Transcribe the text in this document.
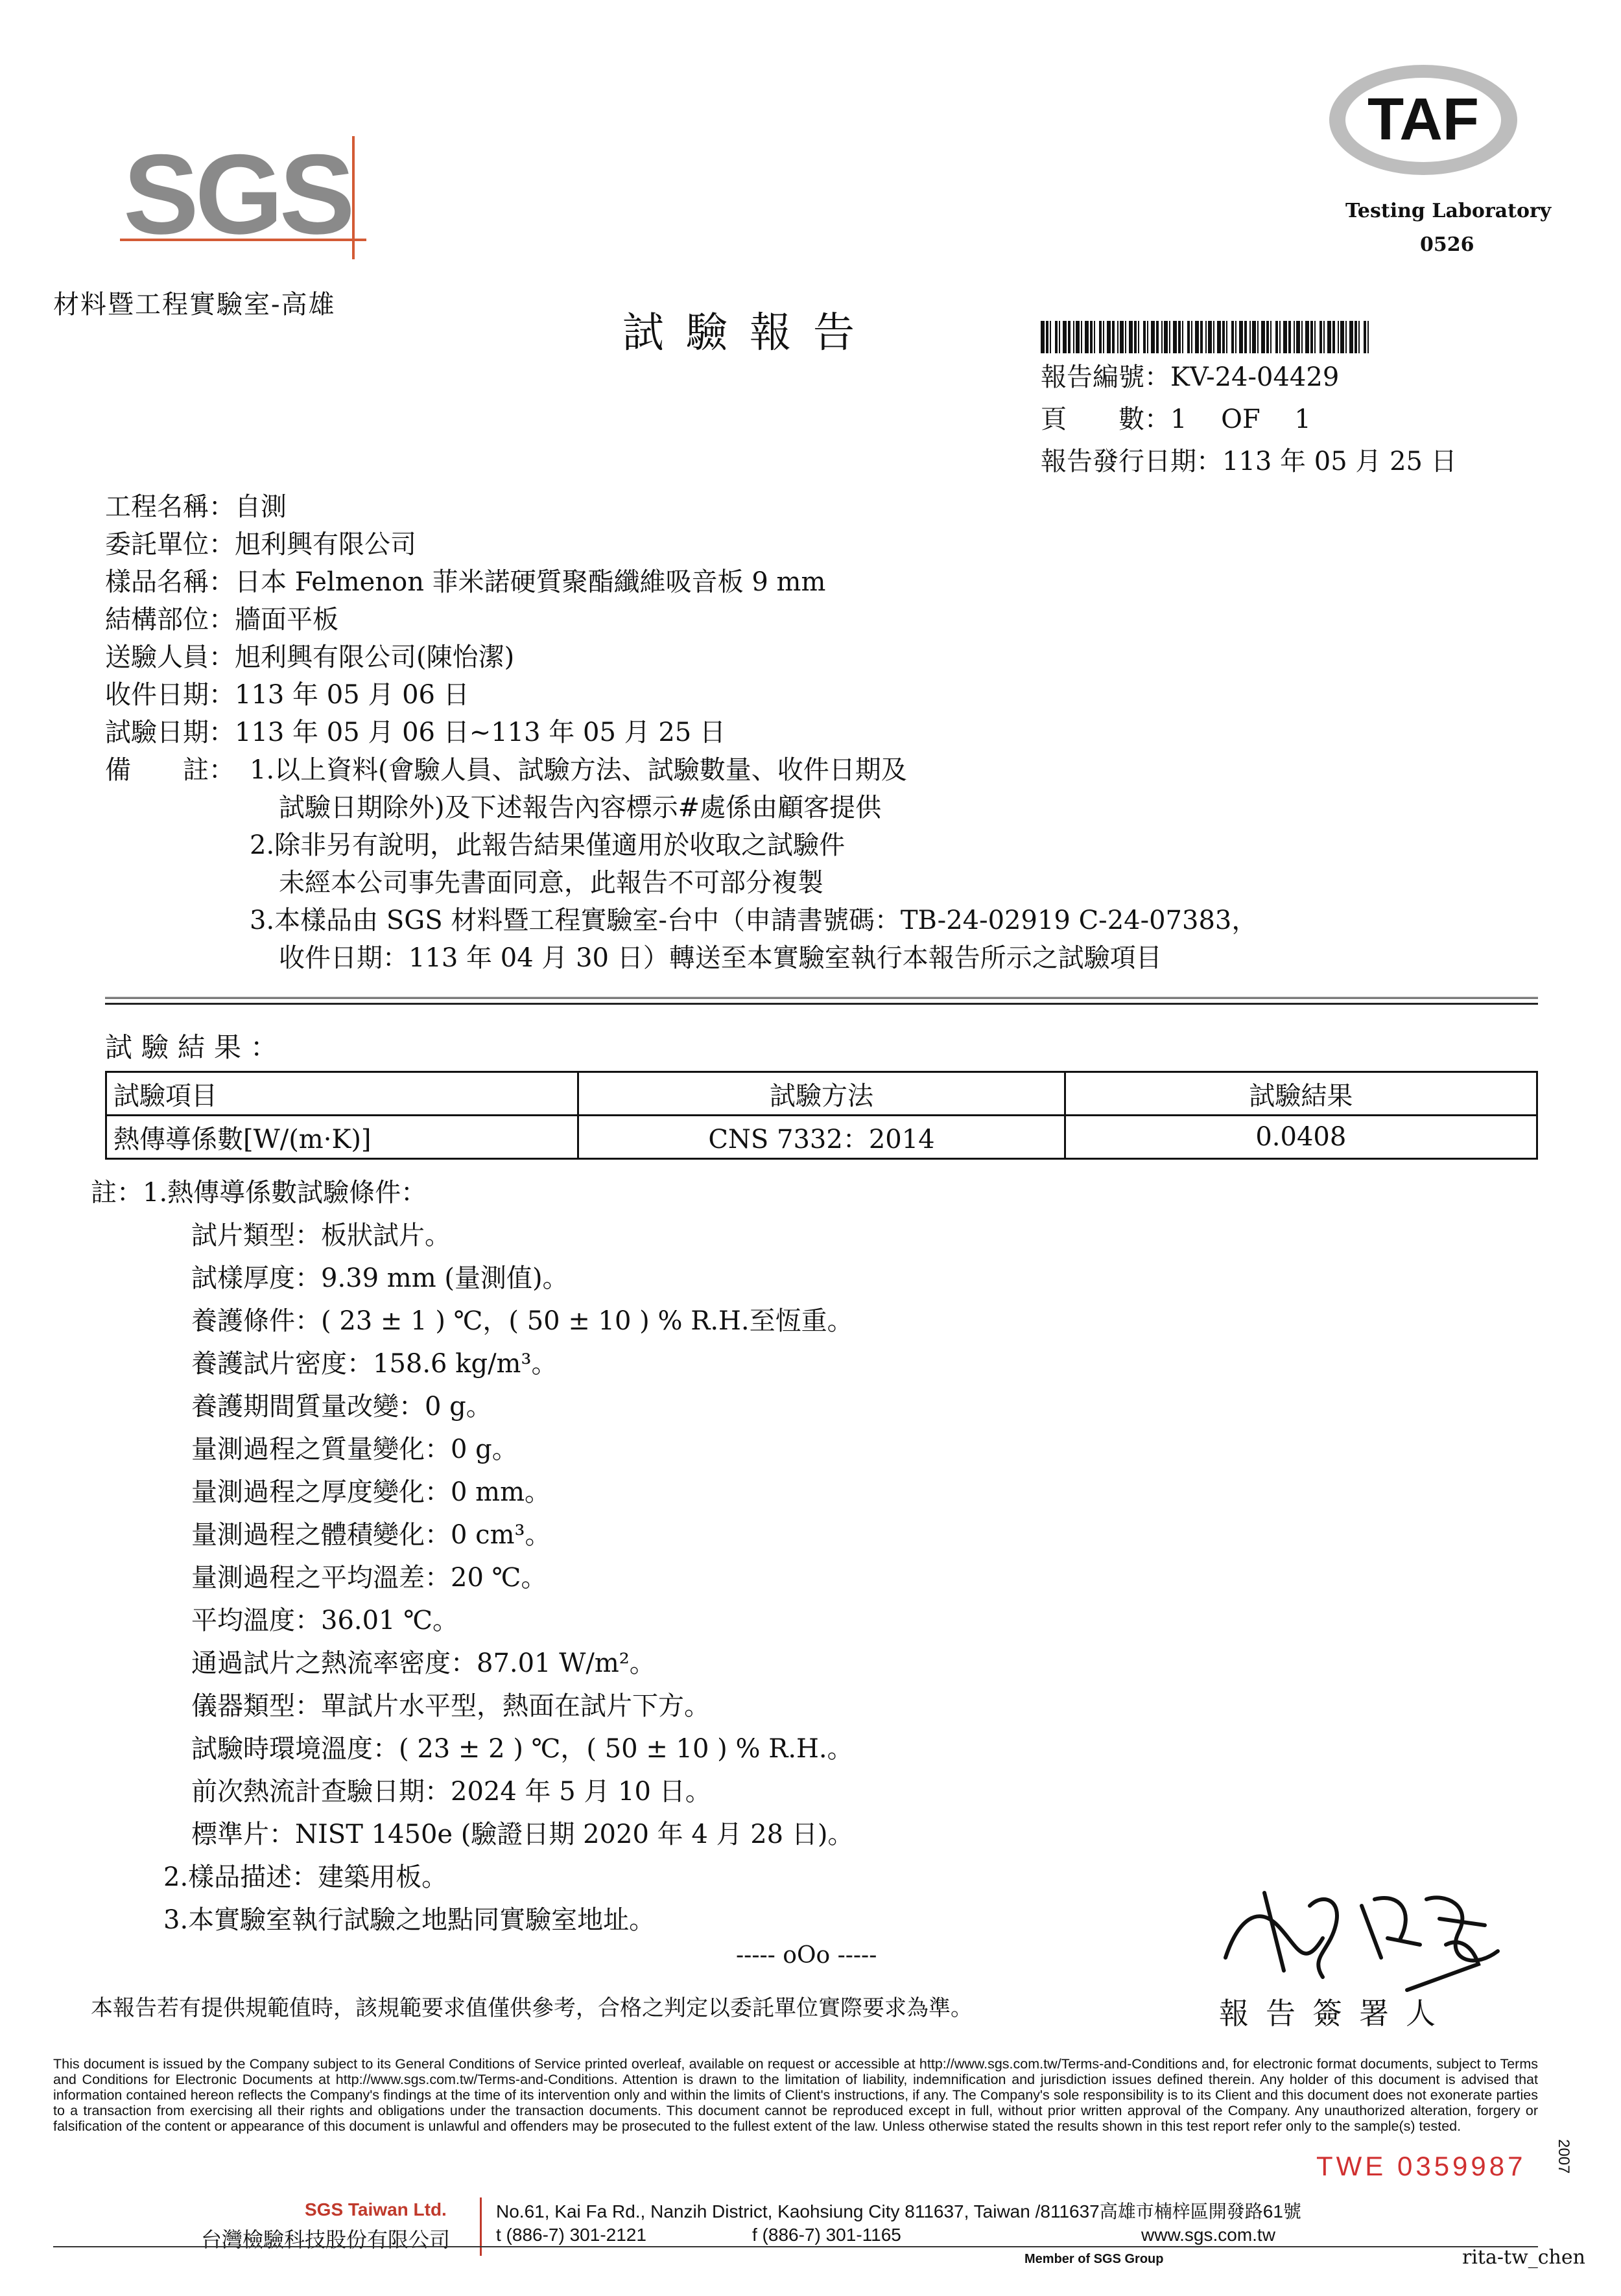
SGS
材料暨工程實驗室-高雄
TAF
Testing Laboratory
0526
試驗報告
報告編號：KV-24-04429
頁　　數：1　 OF 　1
報告發行日期：113 年 05 月 25 日
工程名稱：自測
委託單位：旭利興有限公司
樣品名稱：日本 Felmenon 菲米諾硬質聚酯纖維吸音板 9 mm
結構部位：牆面平板
送驗人員：旭利興有限公司(陳怡潔)
收件日期：113 年 05 月 06 日
試驗日期：113 年 05 月 06 日~113 年 05 月 25 日
備　　註： 1.以上資料(會驗人員、試驗方法、試驗數量、收件日期及
試驗日期除外)及下述報告內容標示#處係由顧客提供
2.除非另有說明，此報告結果僅適用於收取之試驗件
未經本公司事先書面同意，此報告不可部分複製
3.本樣品由 SGS 材料暨工程實驗室-台中（申請書號碼：TB-24-02919 C-24-07383，
收件日期：113 年 04 月 30 日）轉送至本實驗室執行本報告所示之試驗項目
試驗結果：
試驗項目	試驗方法	試驗結果
熱傳導係數[W/(m·K)]	CNS 7332：2014	0.0408
註：1.熱傳導係數試驗條件：
試片類型：板狀試片。
試樣厚度：9.39 mm (量測值)。
養護條件：( 23 ± 1 ) ℃，( 50 ± 10 ) % R.H.至恆重。
養護試片密度：158.6 kg/m³。
養護期間質量改變：0 g。
量測過程之質量變化：0 g。
量測過程之厚度變化：0 mm。
量測過程之體積變化：0 cm³。
量測過程之平均溫差：20 ℃。
平均溫度：36.01 ℃。
通過試片之熱流率密度：87.01 W/m²。
儀器類型：單試片水平型，熱面在試片下方。
試驗時環境溫度：( 23 ± 2 ) ℃，( 50 ± 10 ) % R.H.。
前次熱流計查驗日期：2024 年 5 月 10 日。
標準片：NIST 1450e (驗證日期 2020 年 4 月 28 日)。
2.樣品描述：建築用板。
3.本實驗室執行試驗之地點同實驗室地址。
----- oOo -----
報告簽署人
本報告若有提供規範值時，該規範要求值僅供參考，合格之判定以委託單位實際要求為準。
This document is issued by the Company subject to its General Conditions of Service printed overleaf, available on request or accessible at http://www.sgs.com.tw/Terms-and-Conditions and, for electronic format documents, subject to Terms and Conditions for Electronic Documents at http://www.sgs.com.tw/Terms-and-Conditions. Attention is drawn to the limitation of liability, indemnification and jurisdiction issues defined therein. Any holder of this document is advised that information contained hereon reflects the Company's findings at the time of its intervention only and within the limits of Client's instructions, if any. The Company's sole responsibility is to its Client and this document does not exonerate parties to a transaction from exercising all their rights and obligations under the transaction documents. This document cannot be reproduced except in full, without prior written approval of the Company. Any unauthorized alteration, forgery or falsification of the content or appearance of this document is unlawful and offenders may be prosecuted to the fullest extent of the law. Unless otherwise stated the results shown in this test report refer only to the sample(s) tested.
TWE 0359987 2007
SGS Taiwan Ltd.
台灣檢驗科技股份有限公司
No.61, Kai Fa Rd., Nanzih District, Kaohsiung City 811637, Taiwan /811637高雄市楠梓區開發路61號
t (886-7) 301-2121	f (886-7) 301-1165	www.sgs.com.tw
Member of SGS Group	rita-tw_chen
